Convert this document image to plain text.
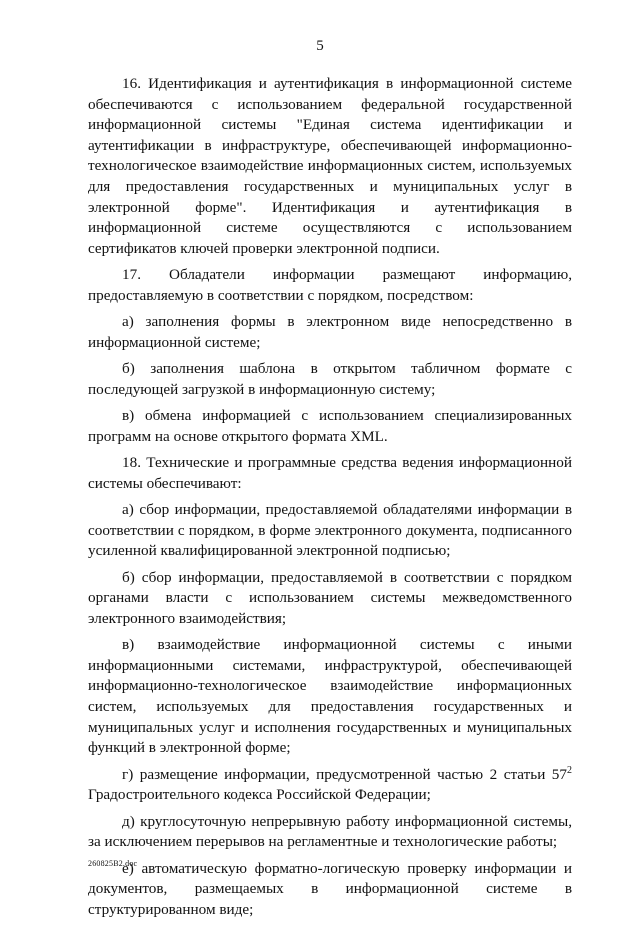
5

16. Идентификация и аутентификация в информационной системе обеспечиваются с использованием федеральной государственной информационной системы "Единая система идентификации и аутентификации в инфраструктуре, обеспечивающей информационно-технологическое взаимодействие информационных систем, используемых для предоставления государственных и муниципальных услуг в электронной форме". Идентификация и аутентификация в информационной системе осуществляются с использованием сертификатов ключей проверки электронной подписи.

17. Обладатели информации размещают информацию, предоставляемую в соответствии с порядком, посредством:

а) заполнения формы в электронном виде непосредственно в информационной системе;

б) заполнения шаблона в открытом табличном формате с последующей загрузкой в информационную систему;

в) обмена информацией с использованием специализированных программ на основе открытого формата XML.

18. Технические и программные средства ведения информационной системы обеспечивают:

а) сбор информации, предоставляемой обладателями информации в соответствии с порядком, в форме электронного документа, подписанного усиленной квалифицированной электронной подписью;

б) сбор информации, предоставляемой в соответствии с порядком органами власти с использованием системы межведомственного электронного взаимодействия;

в) взаимодействие информационной системы с иными информационными системами, инфраструктурой, обеспечивающей информационно-технологическое взаимодействие информационных систем, используемых для предоставления государственных и муниципальных услуг и исполнения государственных и муниципальных функций в электронной форме;

г) размещение информации, предусмотренной частью 2 статьи $57^2$ Градостроительного кодекса Российской Федерации;

д) круглосуточную непрерывную работу информационной системы, за исключением перерывов на регламентные и технологические работы;

е) автоматическую форматно-логическую проверку информации и документов, размещаемых в информационной системе в структурированном виде;

260825В2.doc
